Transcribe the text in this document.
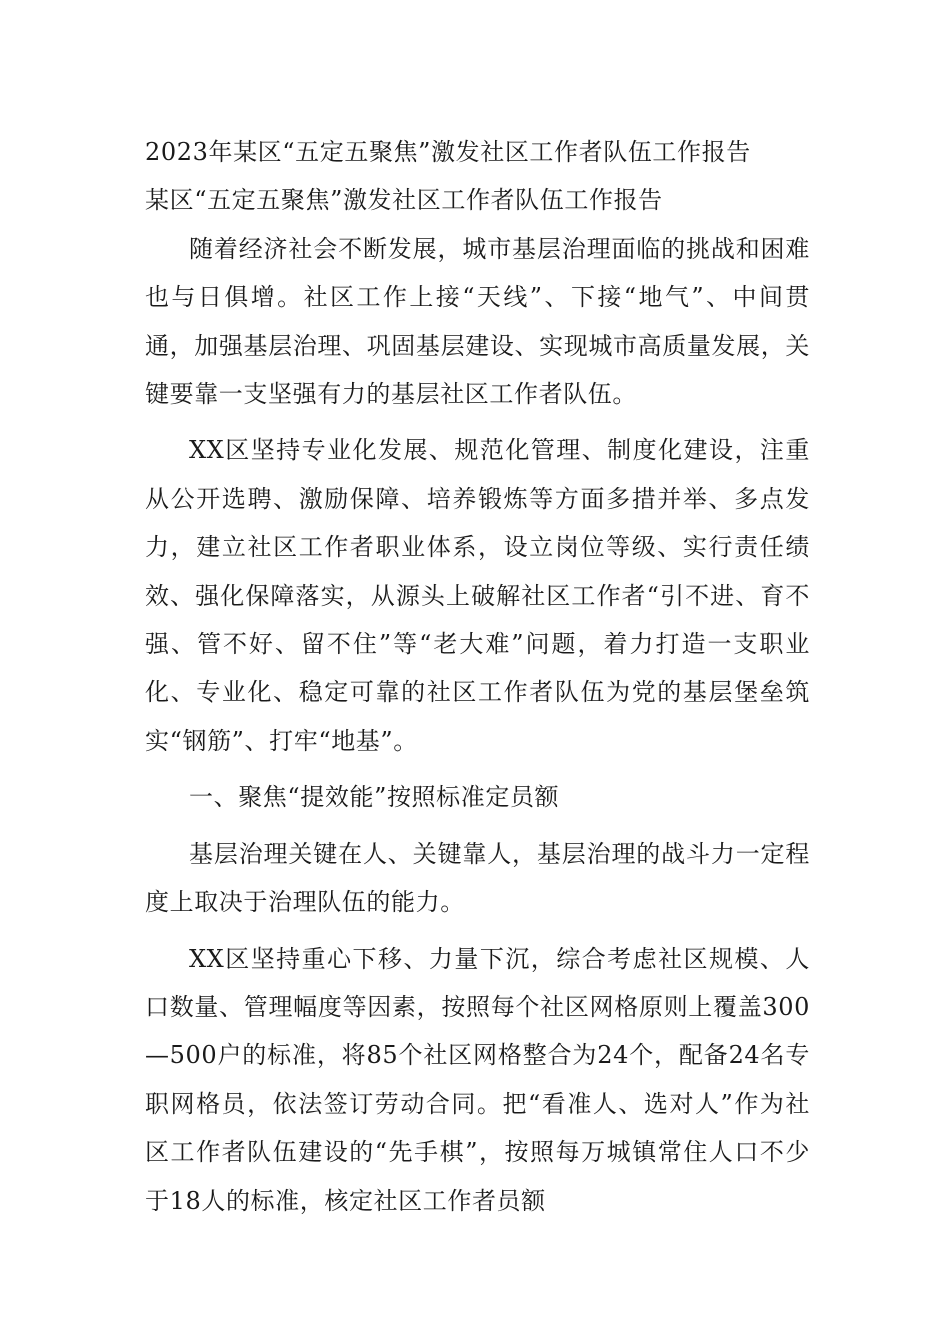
2023年某区“五定五聚焦”激发社区工作者队伍工作报告
某区“五定五聚焦”激发社区工作者队伍工作报告

随着经济社会不断发展，城市基层治理面临的挑战和困难也与日俱增。社区工作上接“天线”、下接“地气”、中间贯通，加强基层治理、巩固基层建设、实现城市高质量发展，关键要靠一支坚强有力的基层社区工作者队伍。

XX区坚持专业化发展、规范化管理、制度化建设，注重从公开选聘、激励保障、培养锻炼等方面多措并举、多点发力，建立社区工作者职业体系，设立岗位等级、实行责任绩效、强化保障落实，从源头上破解社区工作者“引不进、育不强、管不好、留不住”等“老大难”问题，着力打造一支职业化、专业化、稳定可靠的社区工作者队伍为党的基层堡垒筑实“钢筋”、打牢“地基”。

一、聚焦“提效能”按照标准定员额

基层治理关键在人、关键靠人，基层治理的战斗力一定程度上取决于治理队伍的能力。

XX区坚持重心下移、力量下沉，综合考虑社区规模、人口数量、管理幅度等因素，按照每个社区网格原则上覆盖300—500户的标准，将85个社区网格整合为24个，配备24名专职网格员，依法签订劳动合同。把“看准人、选对人”作为社区工作者队伍建设的“先手棋”，按照每万城镇常住人口不少于18人的标准，核定社区工作者员额
